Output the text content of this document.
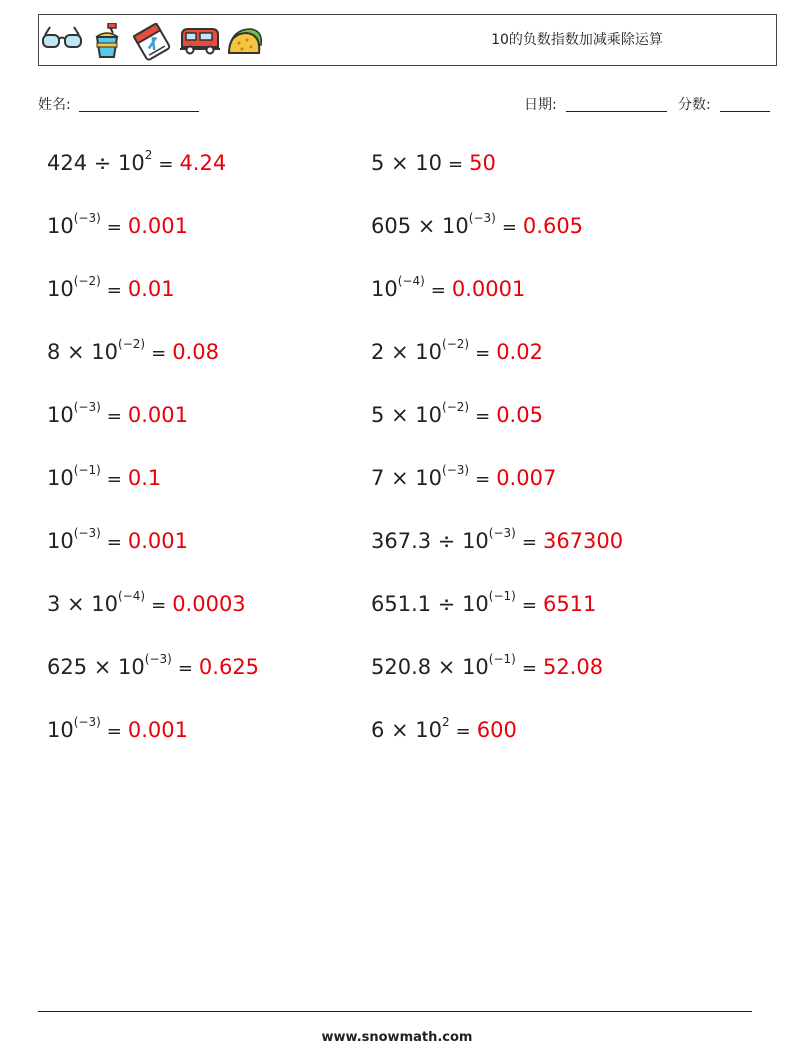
10的负数指数加减乘除运算
姓名:	日期:	分数:
$424 \div 10^2 = 4.24$	5 × 10 = 50
$10^{(-3)} = 0.001$	$605 \times 10^{(-3)} = 0.605$
$10^{(-2)} = 0.01$	$10^{(-4)} = 0.0001$
$8 \times 10^{(-2)} = 0.08$	$2 \times 10^{(-2)} = 0.02$
$10^{(-3)} = 0.001$	$5 \times 10^{(-2)} = 0.05$
$10^{(-1)} = 0.1$	$7 \times 10^{(-3)} = 0.007$
$10^{(-3)} = 0.001$	$367.3 \div 10^{(-3)} = 367300$
$3 \times 10^{(-4)} = 0.0003$	$651.1 \div 10^{(-1)} = 6511$
$625 \times 10^{(-3)} = 0.625$	$520.8 \times 10^{(-1)} = 52.08$
$10^{(-3)} = 0.001$	$6 \times 10^2 = 600$
www.snowmath.com
